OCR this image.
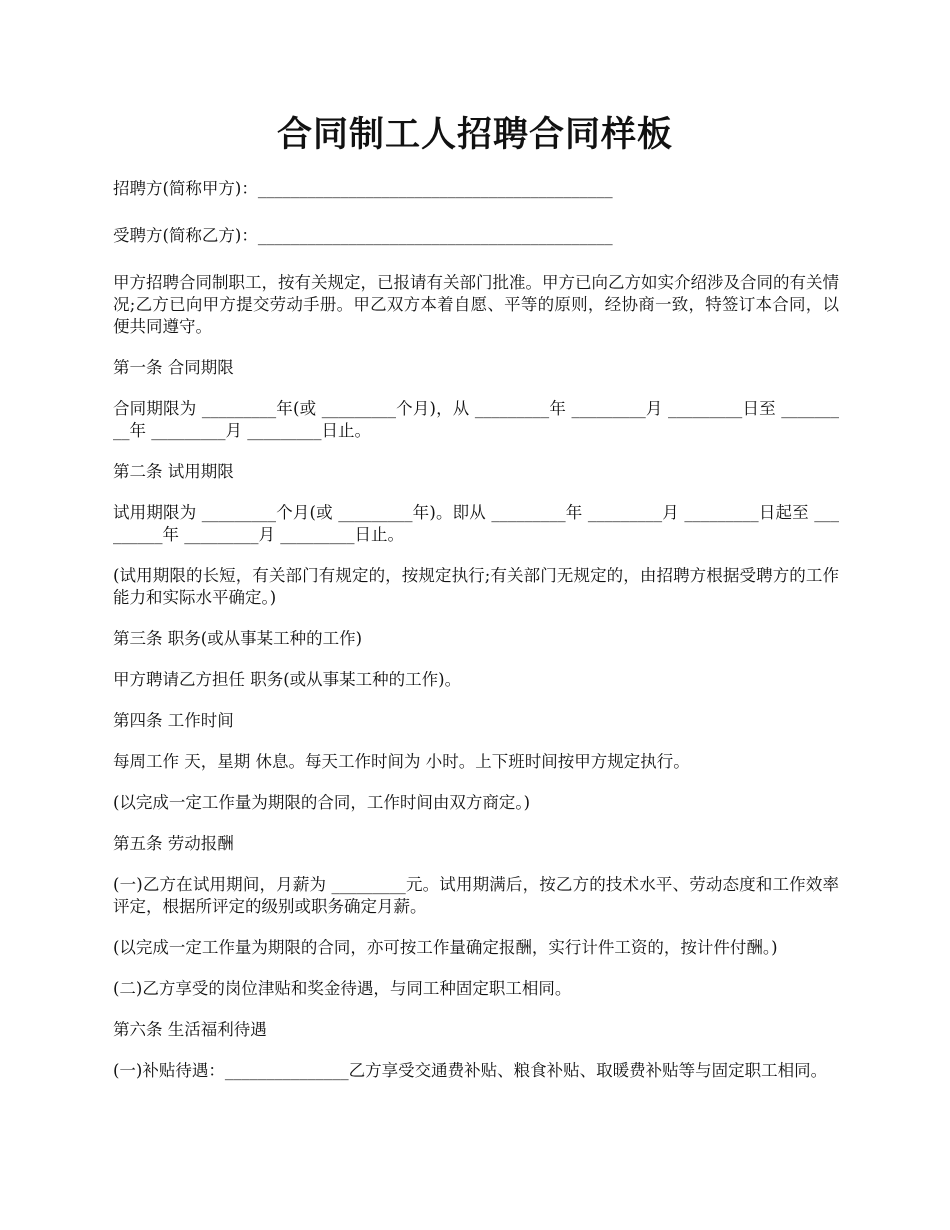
合同制工人招聘合同样板

招聘方(简称甲方)：___________________________________________

受聘方(简称乙方)：___________________________________________

甲方招聘合同制职工，按有关规定，已报请有关部门批准。甲方已向乙方如实介绍涉及合同的有关情况;乙方已向甲方提交劳动手册。甲乙双方本着自愿、平等的原则，经协商一致，特签订本合同，以便共同遵守。

第一条 合同期限

合同期限为 _________年(或 _________个月)，从 _________年 _________月 _________日至 _________年 _________月 _________日止。

第二条 试用期限

试用期限为 _________个月(或 _________年)。即从 _________年 _________月 _________日起至 _________年 _________月 _________日止。

(试用期限的长短，有关部门有规定的，按规定执行;有关部门无规定的，由招聘方根据受聘方的工作能力和实际水平确定。)

第三条 职务(或从事某工种的工作)

甲方聘请乙方担任 职务(或从事某工种的工作)。

第四条 工作时间

每周工作 天，星期 休息。每天工作时间为 小时。上下班时间按甲方规定执行。

(以完成一定工作量为期限的合同，工作时间由双方商定。)

第五条 劳动报酬

(一)乙方在试用期间，月薪为 _________元。试用期满后，按乙方的技术水平、劳动态度和工作效率评定，根据所评定的级别或职务确定月薪。

(以完成一定工作量为期限的合同，亦可按工作量确定报酬，实行计件工资的，按计件付酬。)

(二)乙方享受的岗位津贴和奖金待遇，与同工种固定职工相同。

第六条 生活福利待遇

(一)补贴待遇：_______________乙方享受交通费补贴、粮食补贴、取暖费补贴等与固定职工相同。
